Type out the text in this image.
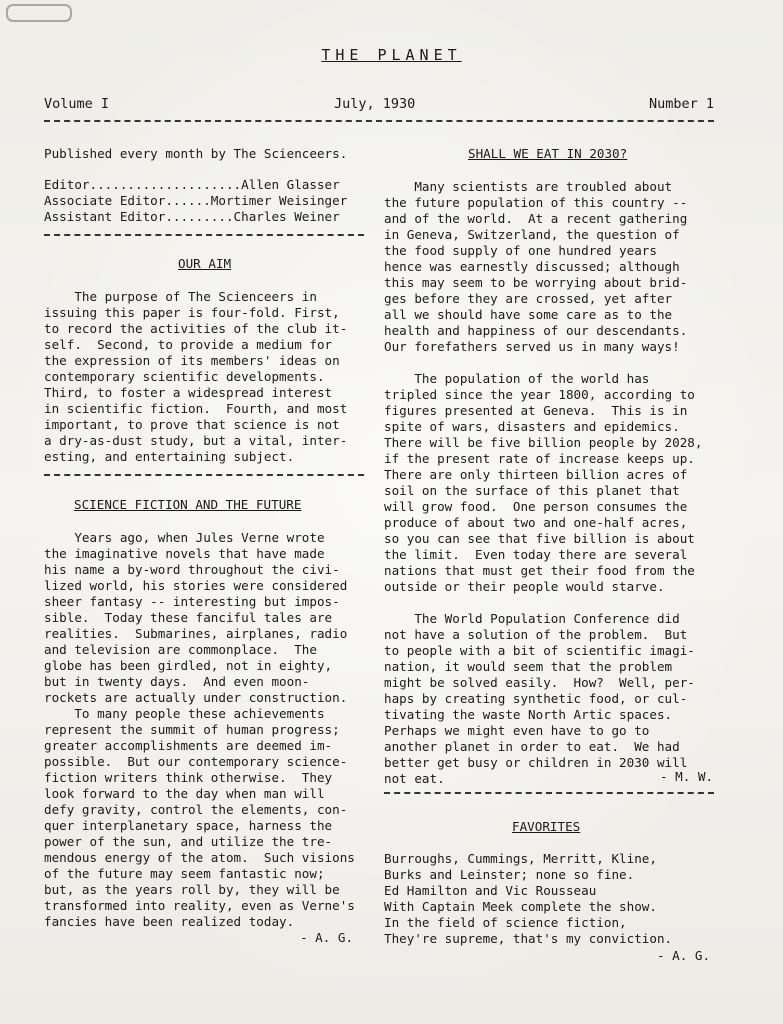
THE PLANET
Volume I	July, 1930	Number 1
Published every month by The Scienceers.
Editor....................Allen Glasser
Associate Editor......Mortimer Weisinger
Assistant Editor.........Charles Weiner
OUR AIM
The purpose of The Scienceers in
issuing this paper is four-fold. First,
to record the activities of the club it-
self.  Second, to provide a medium for
the expression of its members' ideas on
contemporary scientific developments.
Third, to foster a widespread interest
in scientific fiction.  Fourth, and most
important, to prove that science is not
a dry-as-dust study, but a vital, inter-
esting, and entertaining subject.
SCIENCE FICTION AND THE FUTURE
Years ago, when Jules Verne wrote
the imaginative novels that have made
his name a by-word throughout the civi-
lized world, his stories were considered
sheer fantasy -- interesting but impos-
sible.  Today these fanciful tales are
realities.  Submarines, airplanes, radio
and television are commonplace.  The
globe has been girdled, not in eighty,
but in twenty days.  And even moon-
rockets are actually under construction.
To many people these achievements
represent the summit of human progress;
greater accomplishments are deemed im-
possible.  But our contemporary science-
fiction writers think otherwise.  They
look forward to the day when man will
defy gravity, control the elements, con-
quer interplanetary space, harness the
power of the sun, and utilize the tre-
mendous energy of the atom.  Such visions
of the future may seem fantastic now;
but, as the years roll by, they will be
transformed into reality, even as Verne's
fancies have been realized today.
- A. G.
SHALL WE EAT IN 2030?
Many scientists are troubled about
the future population of this country --
and of the world.  At a recent gathering
in Geneva, Switzerland, the question of
the food supply of one hundred years
hence was earnestly discussed; although
this may seem to be worrying about brid-
ges before they are crossed, yet after
all we should have some care as to the
health and happiness of our descendants.
Our forefathers served us in many ways!
The population of the world has
tripled since the year 1800, according to
figures presented at Geneva.  This is in
spite of wars, disasters and epidemics.
There will be five billion people by 2028,
if the present rate of increase keeps up.
There are only thirteen billion acres of
soil on the surface of this planet that
will grow food.  One person consumes the
produce of about two and one-half acres,
so you can see that five billion is about
the limit.  Even today there are several
nations that must get their food from the
outside or their people would starve.
The World Population Conference did
not have a solution of the problem.  But
to people with a bit of scientific imagi-
nation, it would seem that the problem
might be solved easily.  How?  Well, per-
haps by creating synthetic food, or cul-
tivating the waste North Artic spaces.
Perhaps we might even have to go to
another planet in order to eat.  We had
better get busy or children in 2030 will
not eat.	- M. W.
FAVORITES
Burroughs, Cummings, Merritt, Kline,
Burks and Leinster; none so fine.
Ed Hamilton and Vic Rousseau
With Captain Meek complete the show.
In the field of science fiction,
They're supreme, that's my conviction.
- A. G.
